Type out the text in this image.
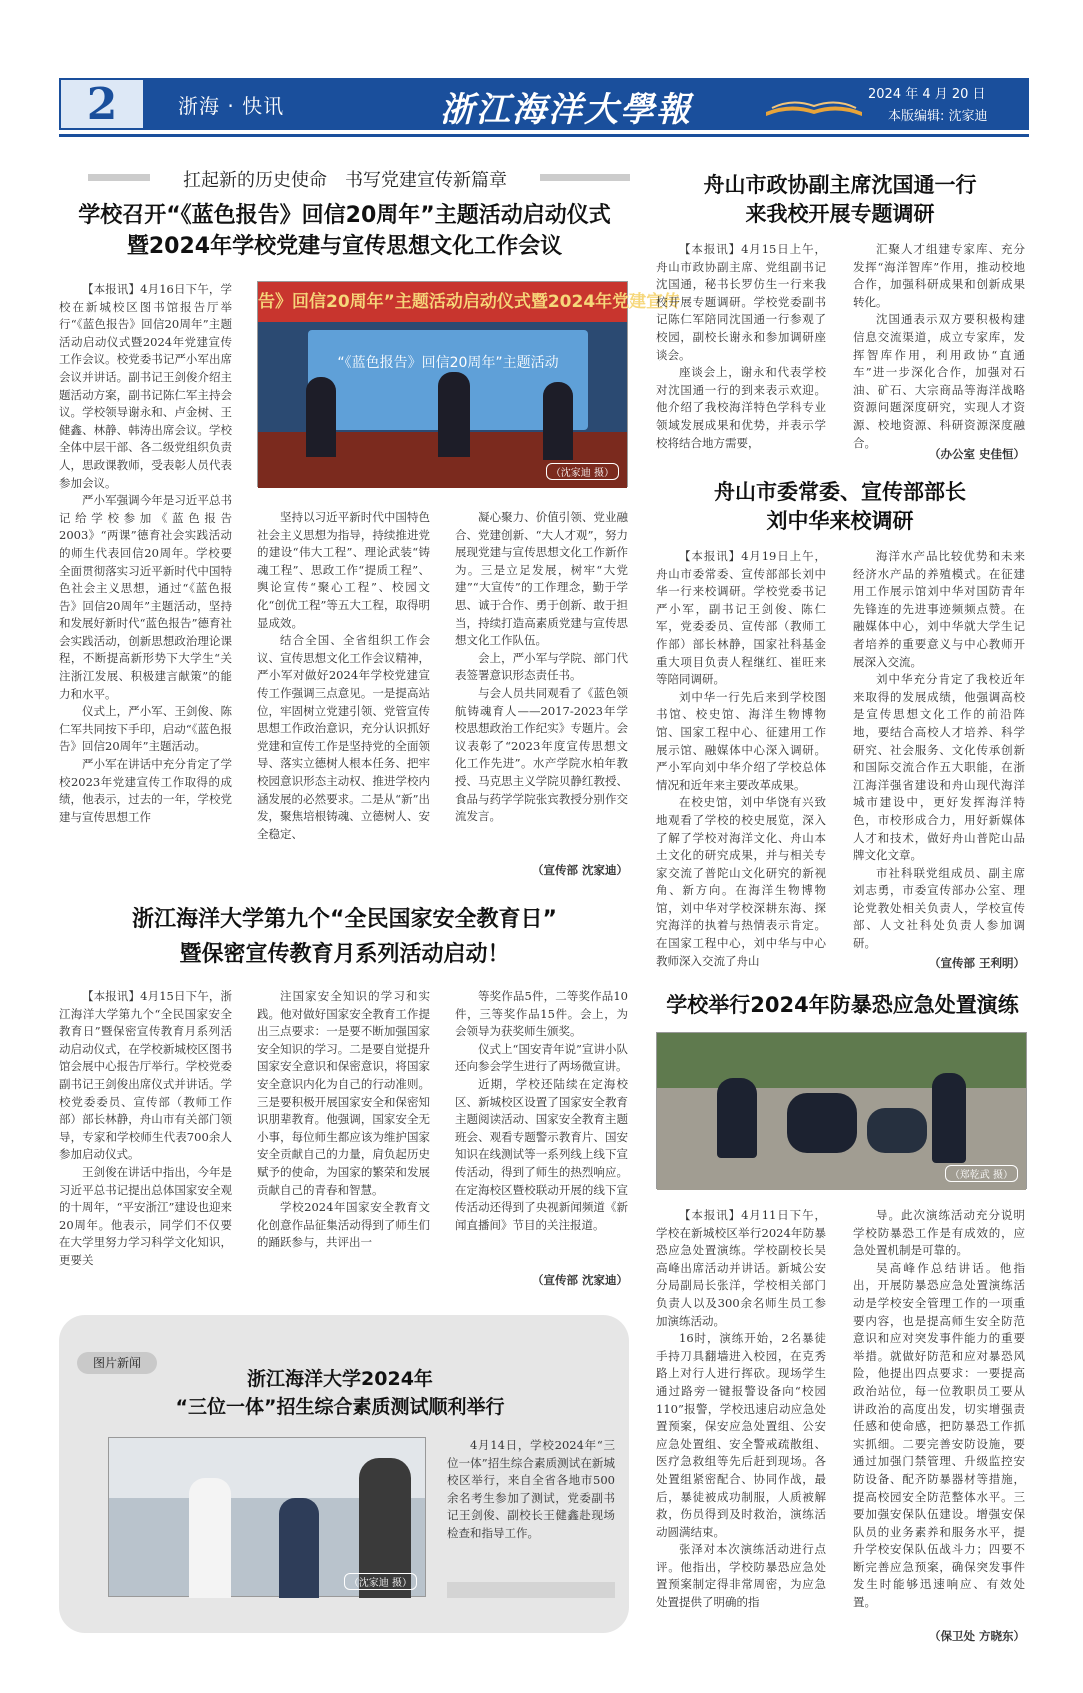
2	浙海 · 快讯	浙江海洋大學報	2024 年 4 月 20 日
本版编辑: 沈家迪
扛起新的历史使命　书写党建宣传新篇章
学校召开“《蓝色报告》回信20周年”主题活动启动仪式
暨2024年学校党建与宣传思想文化工作会议

【本报讯】4月16日下午，学校在新城校区图书馆报告厅举行“《蓝色报告》回信20周年”主题活动启动仪式暨2024年党建宣传工作会议。校党委书记严小军出席会议并讲话。副书记王剑俊介绍主题活动方案，副书记陈仁军主持会议。学校领导谢永和、卢金树、王健鑫、林静、韩涛出席会议。学校全体中层干部、各二级党组织负责人，思政课教师，受表彰人员代表参加会议。

严小军强调今年是习近平总书记给学校参加《蓝色报告2003》“两课”德育社会实践活动的师生代表回信20周年。学校要全面贯彻落实习近平新时代中国特色社会主义思想，通过“《蓝色报告》回信20周年”主题活动，坚持和发展好新时代“蓝色报告”德育社会实践活动，创新思想政治理论课程，不断提高新形势下大学生“关注浙江发展、积极建言献策”的能力和水平。

仪式上，严小军、王剑俊、陈仁军共同按下手印，启动“《蓝色报告》回信20周年”主题活动。

严小军在讲话中充分肯定了学校2023年党建宣传工作取得的成绩，他表示，过去的一年，学校党建与宣传思想工作

告》回信20周年”主题活动启动仪式暨2024年党建宣传
“《蓝色报告》回信20周年”主题活动
（沈家迪 摄）

坚持以习近平新时代中国特色社会主义思想为指导，持续推进党的建设“伟大工程”、理论武装“铸魂工程”、思政工作“提质工程”、舆论宣传“聚心工程”、校园文化“创优工程”等五大工程，取得明显成效。

结合全国、全省组织工作会议、宣传思想文化工作会议精神，严小军对做好2024年学校党建宣传工作强调三点意见。一是提高站位，牢固树立党建引领、党管宣传思想工作政治意识，充分认识抓好党建和宣传工作是坚持党的全面领导、落实立德树人根本任务、把牢校园意识形态主动权、推进学校内涵发展的必然要求。二是从“新”出发，聚焦培根铸魂、立德树人、安全稳定、

凝心聚力、价值引领、党业融合、党建创新、“大人才观”，努力展现党建与宣传思想文化工作新作为。三是立足发展，树牢“大党建”“大宣传”的工作理念，勤于学思、诚于合作、勇于创新、敢于担当，持续打造高素质党建与宣传思想文化工作队伍。

会上，严小军与学院、部门代表签署意识形态责任书。

与会人员共同观看了《蓝色领航铸魂育人——2017-2023年学校思想政治工作纪实》专题片。会议表彰了“2023年度宣传思想文化工作先进”。水产学院水柏年教授、马克思主义学院贝静红教授、食品与药学学院张宾教授分别作交流发言。

（宣传部 沈家迪）
浙江海洋大学第九个“全民国家安全教育日”
暨保密宣传教育月系列活动启动！

【本报讯】4月15日下午，浙江海洋大学第九个“全民国家安全教育日”暨保密宣传教育月系列活动启动仪式，在学校新城校区图书馆会展中心报告厅举行。学校党委副书记王剑俊出席仪式并讲话。学校党委委员、宣传部（教师工作部）部长林静，舟山市有关部门领导，专家和学校师生代表700余人参加启动仪式。

王剑俊在讲话中指出，今年是习近平总书记提出总体国家安全观的十周年，“平安浙江”建设也迎来20周年。他表示，同学们不仅要在大学里努力学习科学文化知识，更要关

注国家安全知识的学习和实践。他对做好国家安全教育工作提出三点要求：一是要不断加强国家安全知识的学习。二是要自觉提升国家安全意识和保密意识，将国家安全意识内化为自己的行动准则。三是要积极开展国家安全和保密知识朋辈教育。他强调，国家安全无小事，每位师生都应该为维护国家安全贡献自己的力量，肩负起历史赋予的使命，为国家的繁荣和发展贡献自己的青春和智慧。

学校2024年国家安全教育文化创意作品征集活动得到了师生们的踊跃参与，共评出一

等奖作品5件，二等奖作品10件，三等奖作品15件。会上，为会领导为获奖师生颁奖。

仪式上“国安青年说”宣讲小队还向参会学生进行了两场微宣讲。

近期，学校还陆续在定海校区、新城校区设置了国家安全教育主题阅读活动、国家安全教育主题班会、观看专题警示教育片、国安知识在线测试等一系列线上线下宣传活动，得到了师生的热烈响应。在定海校区暨校联动开展的线下宣传活动还得到了央视新闻频道《新闻直播间》节目的关注报道。

（宣传部 沈家迪）
图片新闻
浙江海洋大学2024年
“三位一体”招生综合素质测试顺利举行
（沈家迪 摄）

4月14日，学校2024年“三位一体”招生综合素质测试在新城校区举行，来自全省各地市500余名考生参加了测试，党委副书记王剑俊、副校长王健鑫赴现场检查和指导工作。

舟山市政协副主席沈国通一行
来我校开展专题调研

【本报讯】4月15日上午，舟山市政协副主席、党组副书记沈国通，秘书长罗仿生一行来我校开展专题调研。学校党委副书记陈仁军陪同沈国通一行参观了校园，副校长谢永和参加调研座谈会。

座谈会上，谢永和代表学校对沈国通一行的到来表示欢迎。他介绍了我校海洋特色学科专业领域发展成果和优势，并表示学校将结合地方需要，

汇聚人才组建专家库、充分发挥“海洋智库”作用，推动校地合作，加强科研成果和创新成果转化。

沈国通表示双方要积极构建信息交流渠道，成立专家库，发挥智库作用，利用政协“直通车”进一步深化合作，加强对石油、矿石、大宗商品等海洋战略资源问题深度研究，实现人才资源、校地资源、科研资源深度融合。

（办公室 史佳恒）
舟山市委常委、宣传部部长
刘中华来校调研

【本报讯】4月19日上午，舟山市委常委、宣传部部长刘中华一行来校调研。学校党委书记严小军，副书记王剑俊、陈仁军，党委委员、宣传部（教师工作部）部长林静，国家社科基金重大项目负责人程继红、崔旺来等陪同调研。

刘中华一行先后来到学校图书馆、校史馆、海洋生物博物馆、国家工程中心、征建用工作展示馆、融媒体中心深入调研。严小军向刘中华介绍了学校总体情况和近年来主要改革成果。

在校史馆，刘中华饶有兴致地观看了学校的校史展览，深入了解了学校对海洋文化、舟山本土文化的研究成果，并与相关专家交流了普陀山文化研究的新视角、新方向。在海洋生物博物馆，刘中华对学校深耕东海、探究海洋的执着与热情表示肯定。在国家工程中心，刘中华与中心教师深入交流了舟山

海洋水产品比较优势和未来经济水产品的养殖模式。在征建用工作展示馆刘中华对国防青年先锋连的先进事迹频频点赞。在融媒体中心，刘中华就大学生记者培养的重要意义与中心教师开展深入交流。

刘中华充分肯定了我校近年来取得的发展成绩，他强调高校是宣传思想文化工作的前沿阵地，要结合高校人才培养、科学研究、社会服务、文化传承创新和国际交流合作五大职能，在浙江海洋强省建设和舟山现代海洋城市建设中，更好发挥海洋特色，市校形成合力，用好新媒体人才和技术，做好舟山普陀山品牌文化文章。

市社科联党组成员、副主席刘志勇，市委宣传部办公室、理论党教处相关负责人，学校宣传部、人文社科处负责人参加调研。

（宣传部 王利明）
学校举行2024年防暴恐应急处置演练
（郑乾武 摄）

【本报讯】4月11日下午，学校在新城校区举行2024年防暴恐应急处置演练。学校副校长吴高峰出席活动并讲话。新城公安分局副局长张洋，学校相关部门负责人以及300余名师生员工参加演练活动。

16时，演练开始，2名暴徒手持刀具翻墙进入校园，在克秀路上对行人进行挥砍。现场学生通过路旁一键报警设备向“校园110”报警，学校迅速启动应急处置预案，保安应急处置组、公安应急处置组、安全警戒疏散组、医疗急救组等先后赶到现场。各处置组紧密配合、协同作战，最后，暴徒被成功制服，人质被解救，伤员得到及时救治，演练活动圆满结束。

张泽对本次演练活动进行点评。他指出，学校防暴恐应急处置预案制定得非常周密，为应急处置提供了明确的指

导。此次演练活动充分说明学校防暴恐工作是有成效的，应急处置机制是可靠的。

吴高峰作总结讲话。他指出，开展防暴恐应急处置演练活动是学校安全管理工作的一项重要内容，也是提高师生安全防范意识和应对突发事件能力的重要举措。就做好防范和应对暴恐风险，他提出四点要求：一要提高政治站位，每一位教职员工要从讲政治的高度出发，切实增强责任感和使命感，把防暴恐工作抓实抓细。二要完善安防设施，要通过加强门禁管理、升级监控安防设备、配齐防暴器材等措施，提高校园安全防范整体水平。三要加强安保队伍建设。增强安保队员的业务素养和服务水平，提升学校安保队伍战斗力；四要不断完善应急预案，确保突发事件发生时能够迅速响应、有效处置。

（保卫处 方晓东）
